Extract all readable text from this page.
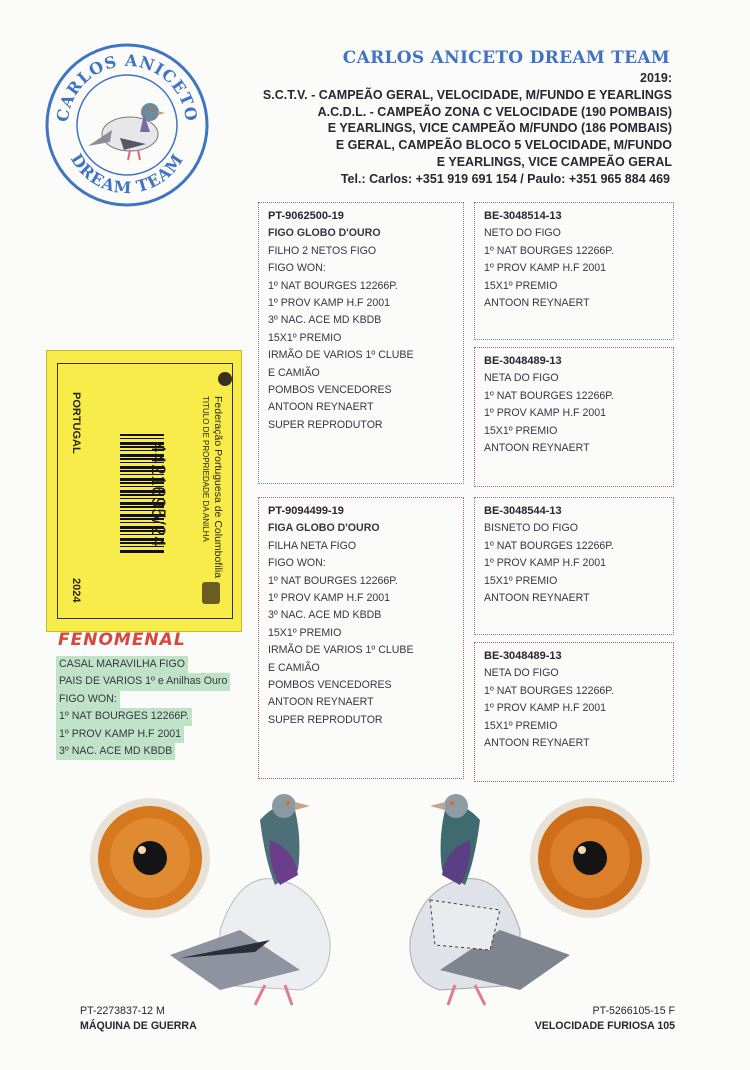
CARLOS ANICETO
DREAM TEAM
CARLOS ANICETO DREAM TEAM
2019:
S.C.T.V. - CAMPEÃO GERAL, VELOCIDADE, M/FUNDO E YEARLINGS
A.C.D.L. - CAMPEÃO ZONA C VELOCIDADE (190 POMBAIS)
E YEARLINGS, VICE CAMPEÃO M/FUNDO (186 POMBAIS)
E GERAL, CAMPEÃO BLOCO 5 VELOCIDADE, M/FUNDO
E YEARLINGS, VICE CAMPEÃO GERAL
Tel.: Carlos: +351 919 691 154 / Paulo: +351 965 884 469
PT-9062500-19
FIGO GLOBO D'OURO
FILHO 2 NETOS FIGO
FIGO WON:
1º NAT BOURGES 12266P.
1º PROV KAMP H.F 2001
3º NAC. ACE MD KBDB
15X1º PREMIO
IRMÃO DE VARIOS 1º CLUBE
E CAMIÃO
POMBOS VENCEDORES
ANTOON REYNAERT
SUPER REPRODUTOR
BE-3048514-13
NETO DO FIGO
1º NAT BOURGES 12266P.
1º PROV KAMP H.F 2001
15X1º PREMIO
ANTOON REYNAERT
BE-3048489-13
NETA DO FIGO
1º NAT BOURGES 12266P.
1º PROV KAMP H.F 2001
15X1º PREMIO
ANTOON REYNAERT
PT-9094499-19
FIGA GLOBO D'OURO
FILHA NETA FIGO
FIGO WON:
1º NAT BOURGES 12266P.
1º PROV KAMP H.F 2001
3º NAC. ACE MD KBDB
15X1º PREMIO
IRMÃO DE VARIOS 1º CLUBE
E CAMIÃO
POMBOS VENCEDORES
ANTOON REYNAERT
SUPER REPRODUTOR
BE-3048544-13
BISNETO DO FIGO
1º NAT BOURGES 12266P.
1º PROV KAMP H.F 2001
15X1º PREMIO
ANTOON REYNAERT
BE-3048489-13
NETA DO FIGO
1º NAT BOURGES 12266P.
1º PROV KAMP H.F 2001
15X1º PREMIO
ANTOON REYNAERT
PORTUGAL
2024
Federação Portuguesa de Columbofilia
TITULO DE PROPRIEDADE DA ANILHA
4421695/24
FENOMENAL
CASAL MARAVILHA FIGO
PAIS DE VARIOS 1º e Anilhas Ouro
FIGO WON:
1º NAT BOURGES 12266P.
1º PROV KAMP H.F 2001
3º NAC. ACE MD KBDB
PT-2273837-12 M
MÁQUINA DE GUERRA
PT-5266105-15 F
VELOCIDADE FURIOSA 105
